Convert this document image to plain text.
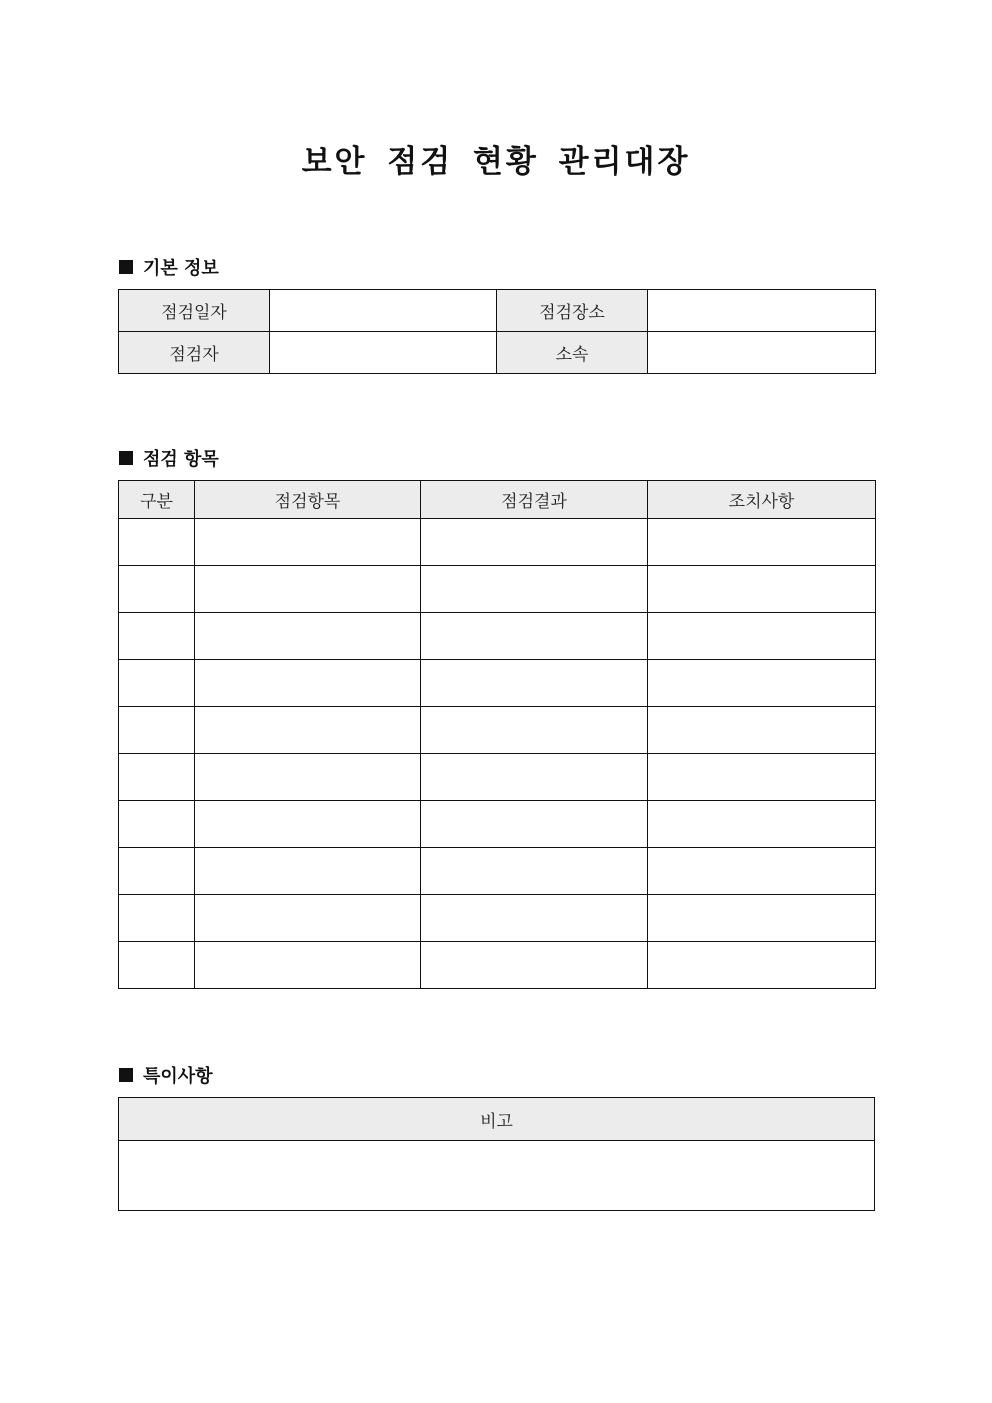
보안 점검 현황 관리대장
기본 정보
점검일자		점검장소	
점검자		소속	
점검 항목
구분	점검항목	점검결과	조치사항

특이사항
비고
